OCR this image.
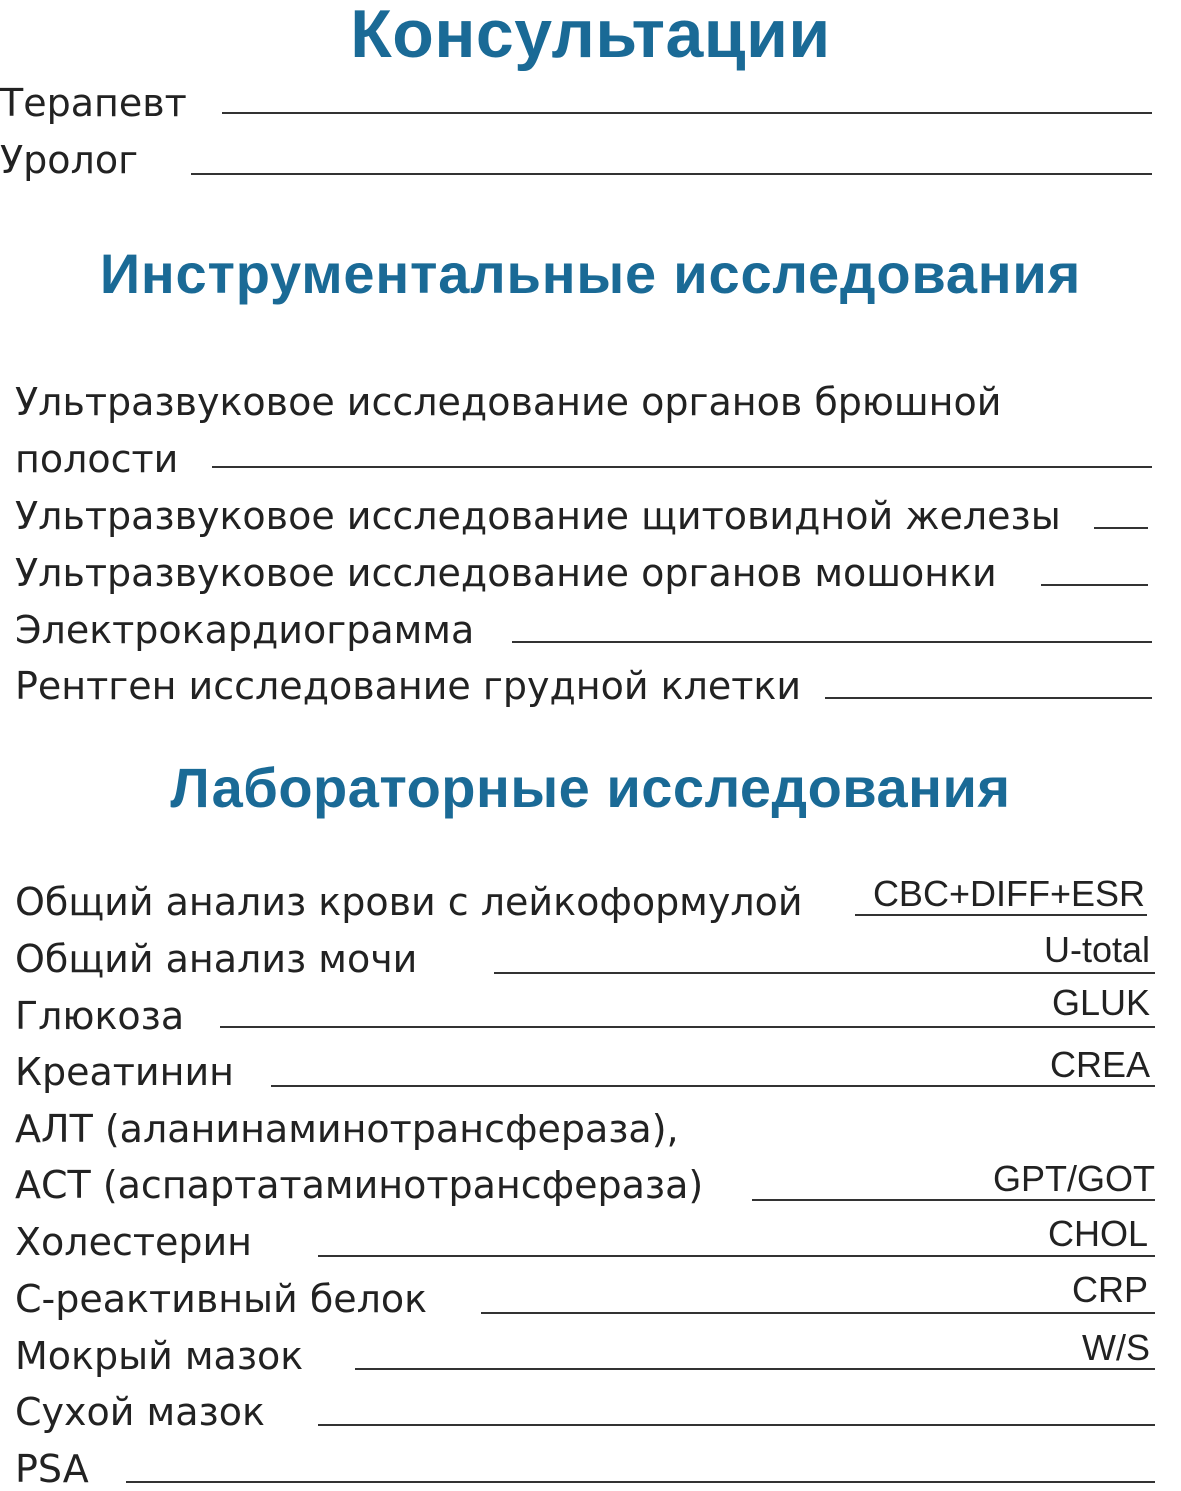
Консультации
Терапевт
Уролог
Инструментальные исследования
Ультразвуковое исследование органов брюшной
полости
Ультразвуковое исследование щитовидной железы
Ультразвуковое исследование органов мошонки
Электрокардиограмма
Рентген исследование грудной клетки
Лабораторные исследования
Общий анализ крови с лейкоформулой	CBC+DIFF+ESR
Общий анализ мочи	U-total
Глюкоза	GLUK
Креатинин	CREA
АЛТ (аланинаминотрансфераза),
АСТ (аспартатаминотрансфераза)	GPT/GOT
Холестерин	CHOL
С-реактивный белок	CRP
Мокрый мазок	W/S
Сухой мазок
PSA
